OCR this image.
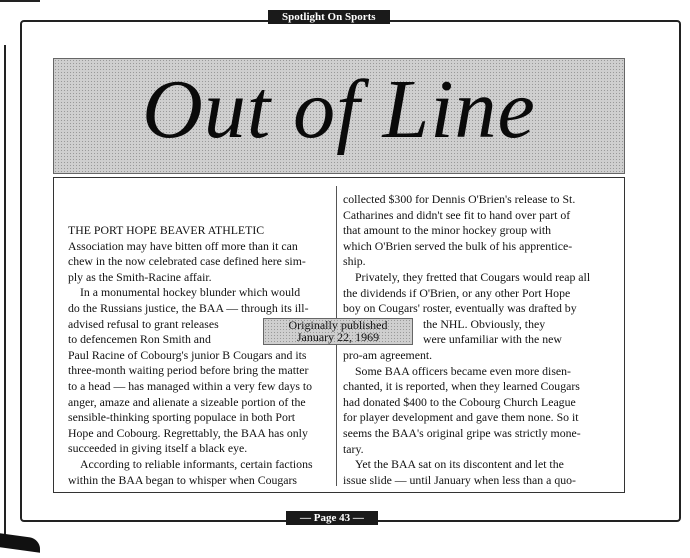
Spotlight On Sports
Out of Line
THE PORT HOPE BEAVER ATHLETIC
Association may have bitten off more than it can
chew in the now celebrated case defined here sim-
ply as the Smith-Racine affair.
In a monumental hockey blunder which would
do the Russians justice, the BAA — through its ill-
advised refusal to grant releases
to defencemen Ron Smith and
Paul Racine of Cobourg's junior B Cougars and its
three-month waiting period before bring the matter
to a head — has managed within a very few days to
anger, amaze and alienate a sizeable portion of the
sensible-thinking sporting populace in both Port
Hope and Cobourg. Regrettably, the BAA has only
succeeded in giving itself a black eye.
According to reliable informants, certain factions
within the BAA began to whisper when Cougars
collected $300 for Dennis O'Brien's release to St.
Catharines and didn't see fit to hand over part of
that amount to the minor hockey group with
which O'Brien served the bulk of his apprentice-
ship.
Privately, they fretted that Cougars would reap all
the dividends if O'Brien, or any other Port Hope
boy on Cougars' roster, eventually was drafted by
the NHL. Obviously, they
were unfamiliar with the new
pro-am agreement.
Some BAA officers became even more disen-
chanted, it is reported, when they learned Cougars
had donated $400 to the Cobourg Church League
for player development and gave them none. So it
seems the BAA's original gripe was strictly mone-
tary.
Yet the BAA sat on its discontent and let the
issue slide — until January when less than a quo-
Originally published
January 22, 1969
— Page 43 —
